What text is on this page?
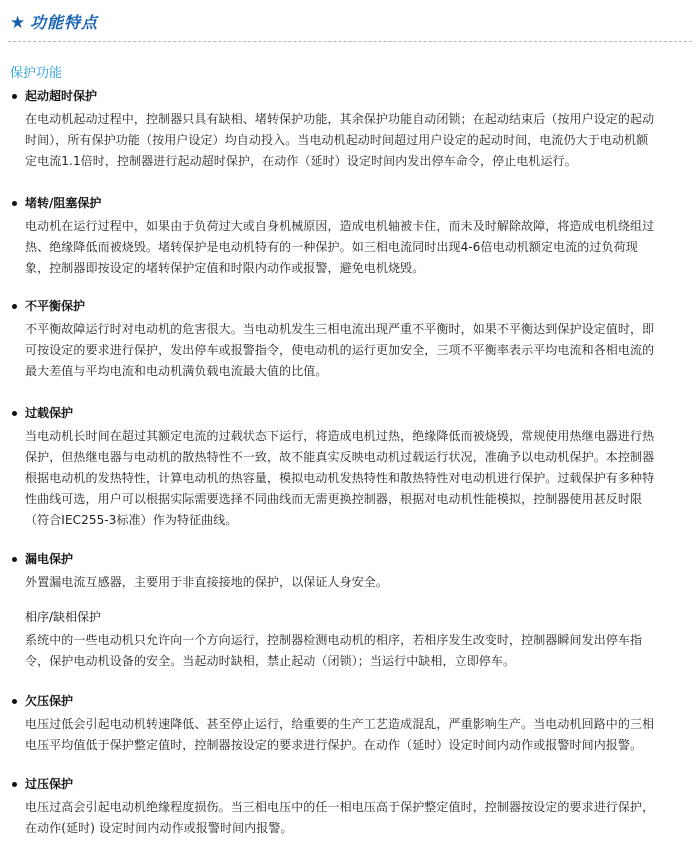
★ 功能特点
保护功能
起动超时保护
在电动机起动过程中，控制器只具有缺相、堵转保护功能，其余保护功能自动闭锁；在起动结束后（按用户设定的起动
时间），所有保护功能（按用户设定）均自动投入。当电动机起动时间超过用户设定的起动时间，电流仍大于电动机额
定电流1.1倍时，控制器进行起动超时保护，在动作（延时）设定时间内发出停车命令，停止电机运行。
堵转/阻塞保护
电动机在运行过程中，如果由于负荷过大或自身机械原因，造成电机轴被卡住，而未及时解除故障，将造成电机绕组过
热、绝缘降低而被烧毁。堵转保护是电动机特有的一种保护。如三相电流同时出现4-6倍电动机额定电流的过负荷现
象，控制器即按设定的堵转保护定值和时限内动作或报警，避免电机烧毁。
不平衡保护
不平衡故障运行时对电动机的危害很大。当电动机发生三相电流出现严重不平衡时，如果不平衡达到保护设定值时，即
可按设定的要求进行保护，发出停车或报警指令，使电动机的运行更加安全，三项不平衡率表示平均电流和各相电流的
最大差值与平均电流和电动机满负载电流最大值的比值。
过载保护
当电动机长时间在超过其额定电流的过载状态下运行，将造成电机过热，绝缘降低而被烧毁，常规使用热继电器进行热
保护，但热继电器与电动机的散热特性不一致，故不能真实反映电动机过载运行状况，准确予以电动机保护。本控制器
根据电动机的发热特性，计算电动机的热容量，模拟电动机发热特性和散热特性对电动机进行保护。过载保护有多种特
性曲线可选，用户可以根据实际需要选择不同曲线而无需更换控制器，根据对电动机性能模拟，控制器使用甚反时限
（符合IEC255-3标准）作为特征曲线。
漏电保护
外置漏电流互感器，主要用于非直接接地的保护，以保证人身安全。
相序/缺相保护
系统中的一些电动机只允许向一个方向运行，控制器检测电动机的相序，若相序发生改变时，控制器瞬间发出停车指
令，保护电动机设备的安全。当起动时缺相，禁止起动（闭锁）；当运行中缺相，立即停车。
欠压保护
电压过低会引起电动机转速降低、甚至停止运行，给重要的生产工艺造成混乱，严重影响生产。当电动机回路中的三相
电压平均值低于保护整定值时，控制器按设定的要求进行保护。在动作（延时）设定时间内动作或报警时间内报警。
过压保护
电压过高会引起电动机绝缘程度损伤。当三相电压中的任一相电压高于保护整定值时，控制器按设定的要求进行保护，
在动作(延时) 设定时间内动作或报警时间内报警。
